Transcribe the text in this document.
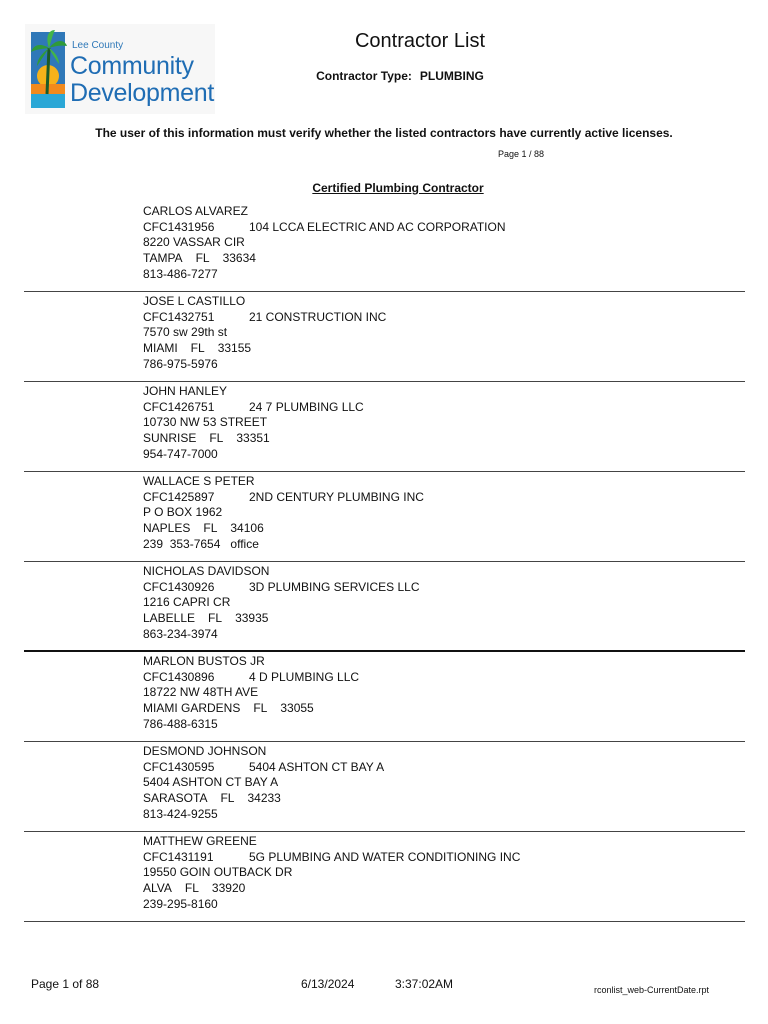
Lee County
Community
Development
Contractor List
Contractor Type: PLUMBING
The user of this information must verify whether the listed contractors have currently active licenses.
Page 1 / 88
Certified Plumbing Contractor
CARLOS ALVAREZ
CFC1431956	104 LCCA ELECTRIC AND AC CORPORATION
8220 VASSAR CIR
TAMPA FL 33634
813-486-7277
JOSE L CASTILLO
CFC1432751	21 CONSTRUCTION INC
7570 sw 29th st
MIAMI FL 33155
786-975-5976
JOHN HANLEY
CFC1426751	24 7 PLUMBING LLC
10730 NW 53 STREET
SUNRISE FL 33351
954-747-7000
WALLACE S PETER
CFC1425897	2ND CENTURY PLUMBING INC
P O BOX 1962
NAPLES FL 34106
239  353-7654   office
NICHOLAS DAVIDSON
CFC1430926	3D PLUMBING SERVICES LLC
1216 CAPRI CR
LABELLE FL 33935
863-234-3974
MARLON BUSTOS JR
CFC1430896	4 D PLUMBING LLC
18722 NW 48TH AVE
MIAMI GARDENS FL 33055
786-488-6315
DESMOND JOHNSON
CFC1430595	5404 ASHTON CT BAY A
5404 ASHTON CT BAY A
SARASOTA FL 34233
813-424-9255
MATTHEW GREENE
CFC1431191	5G PLUMBING AND WATER CONDITIONING INC
19550 GOIN OUTBACK DR
ALVA FL 33920
239-295-8160
Page 1 of 88	6/13/2024	3:37:02AM	rconlist_web-CurrentDate.rpt
